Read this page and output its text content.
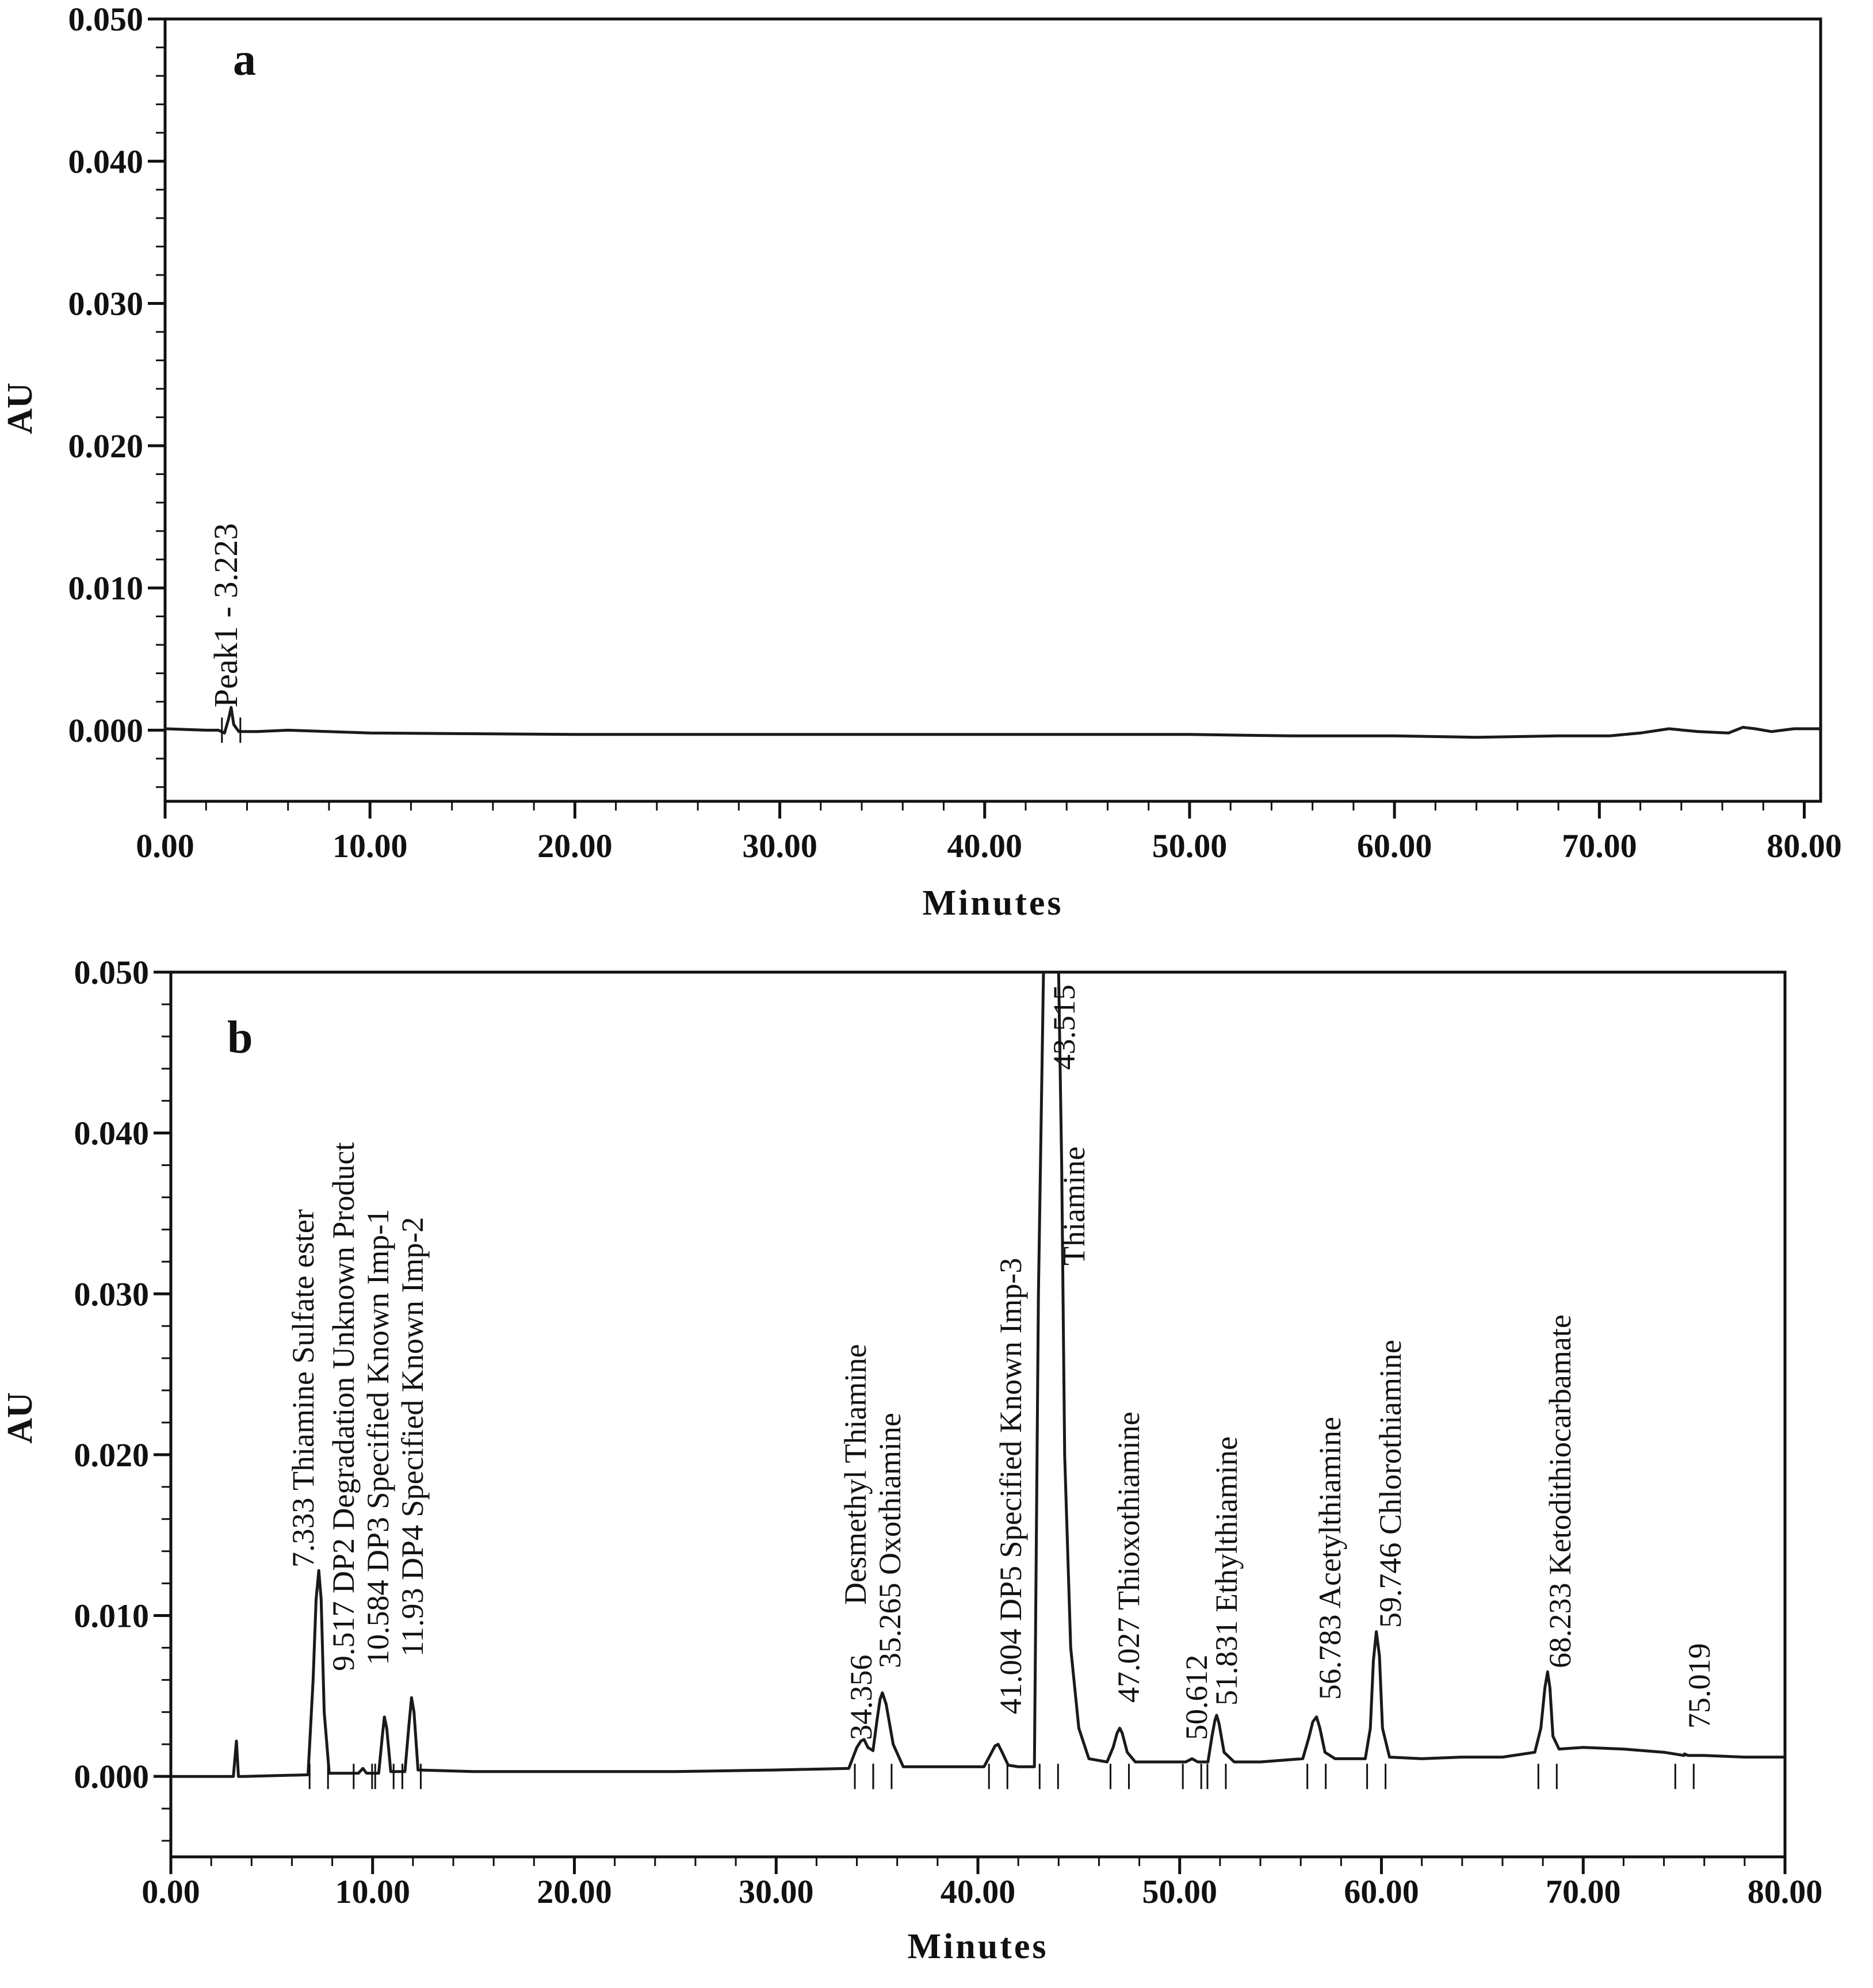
0.00	10.00	20.00	30.00	40.00	50.00	60.00	70.00	80.00
Minutes
0.000
0.010
0.020
0.030
0.040
0.050
AU
a
Peak1 - 3.223
0.00	10.00	20.00	30.00	40.00	50.00	60.00	70.00	80.00
Minutes
0.000
0.010
0.020
0.030
0.040
0.050
AU
b
7.333 Thiamine Sulfate ester 9.517 DP2 Degradation Unknown Product 10.584 DP3 Specified Known Imp-1 11.93 DP4 Specified Known Imp-2
34.356
Desmethyl Thiamine 35.265 Oxothiamine	41.004 DP5 Specified Known Imp-3
43.515
Thiamine
47.027 Thioxothiamine 50.612
51.831 Ethylthiamine 56.783 Acetylthiamine 59.746 Chlorothiamine	68.233 Ketodithiocarbamate
75.019
